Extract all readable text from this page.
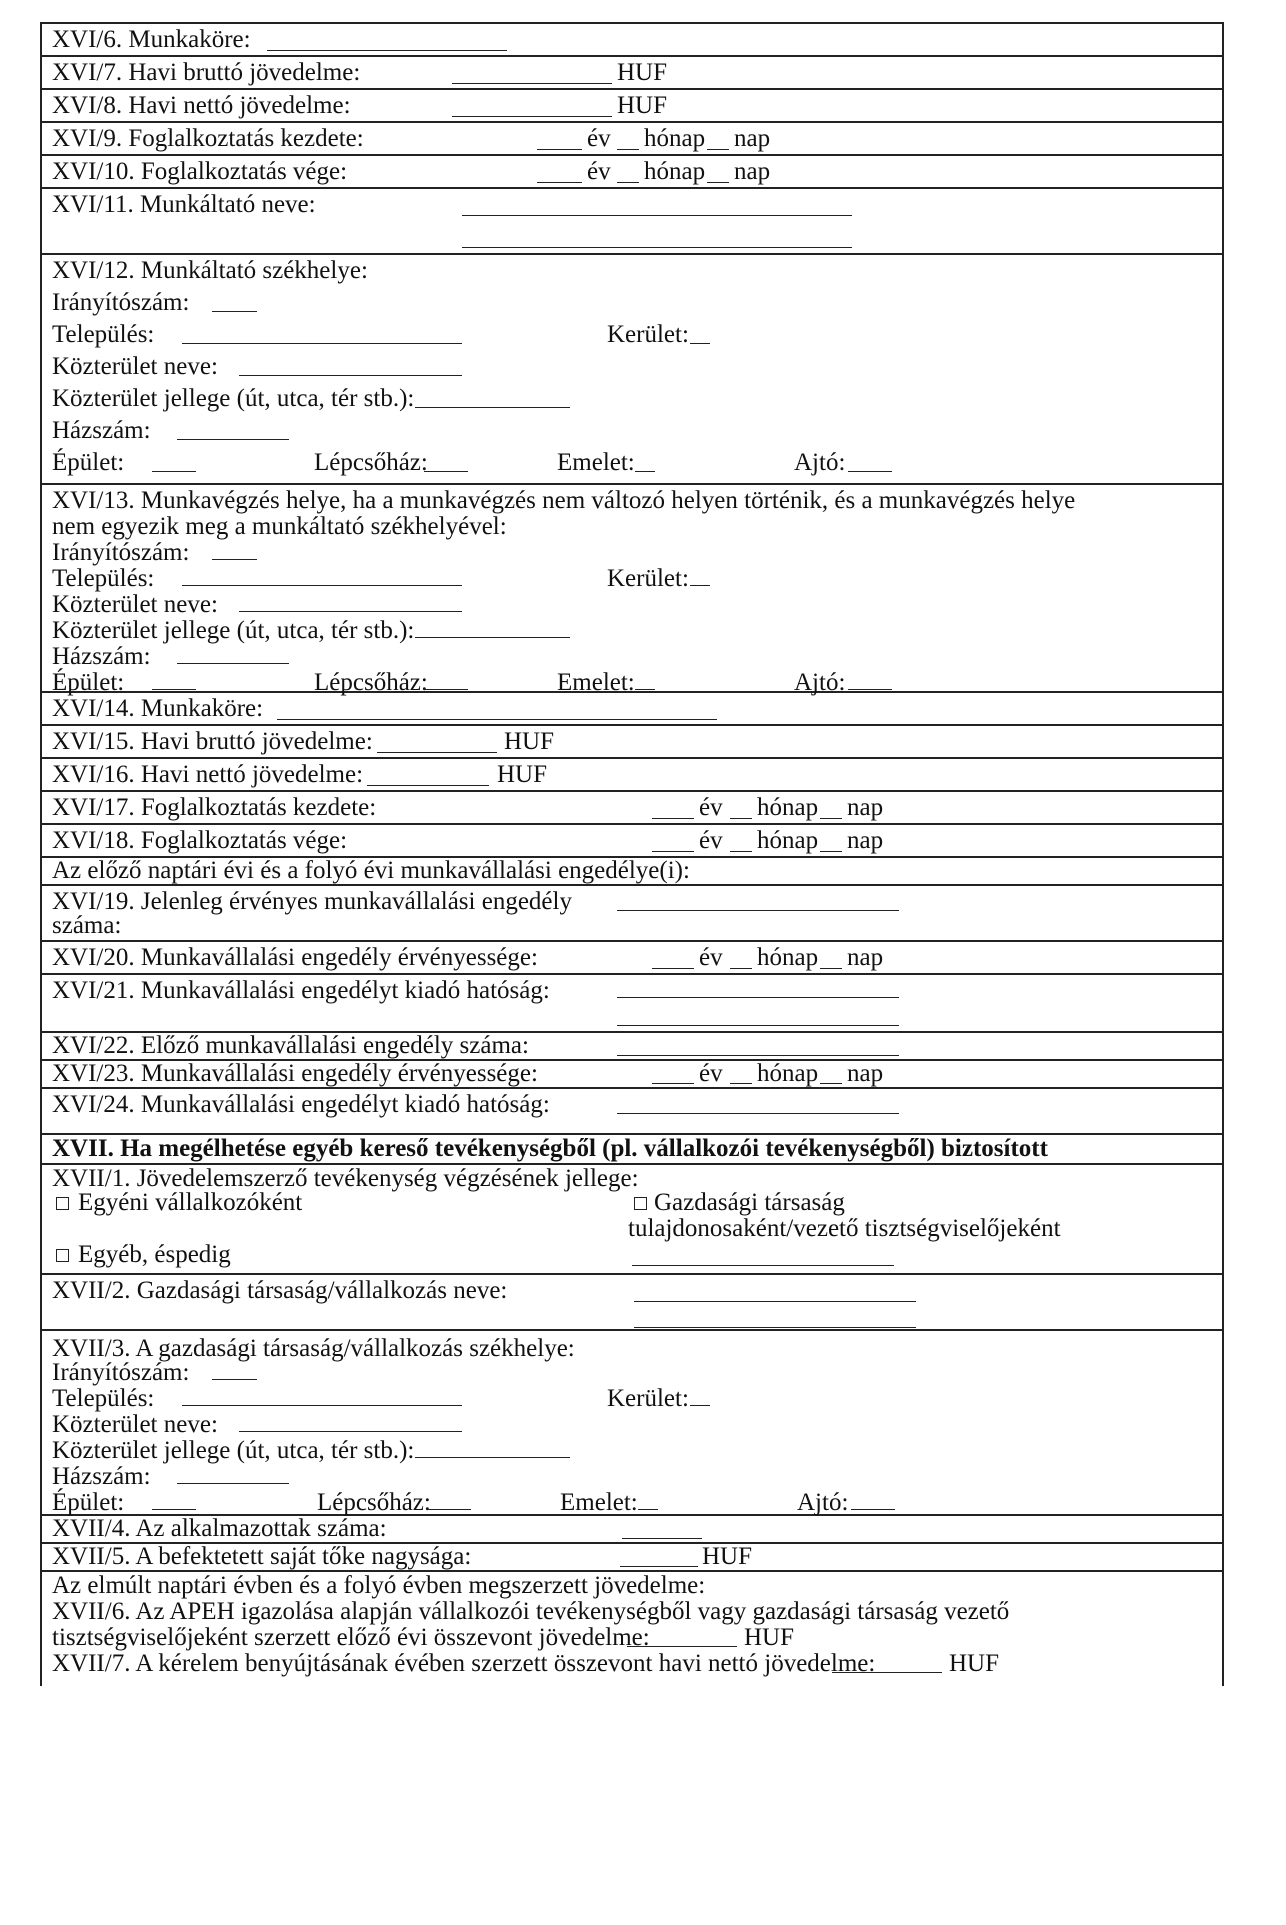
XVI/6. Munkaköre:
XVI/7. Havi bruttó jövedelme:	HUF
XVI/8. Havi nettó jövedelme:	HUF
XVI/9. Foglalkoztatás kezdete:	év hónap nap
XVI/10. Foglalkoztatás vége:	év hónap nap
XVI/11. Munkáltató neve:
XVI/12. Munkáltató székhelye:
Irányítószám:
Település:	Kerület:
Közterület neve:
Közterület jellege (út, utca, tér stb.):
Házszám:
Épület:	Lépcsőház:	Emelet:	Ajtó:
XVI/13. Munkavégzés helye, ha a munkavégzés nem változó helyen történik, és a munkavégzés helye
nem egyezik meg a munkáltató székhelyével:
Irányítószám:
Település:	Kerület:
Közterület neve:
Közterület jellege (út, utca, tér stb.):
Házszám:
Épület:	Lépcsőház:	Emelet:	Ajtó:
XVI/14. Munkaköre:
XVI/15. Havi bruttó jövedelme:	HUF
XVI/16. Havi nettó jövedelme:	HUF
XVI/17. Foglalkoztatás kezdete:	év hónap nap
XVI/18. Foglalkoztatás vége:	év hónap nap
Az előző naptári évi és a folyó évi munkavállalási engedélye(i):
XVI/19. Jelenleg érvényes munkavállalási engedély
száma:
XVI/20. Munkavállalási engedély érvényessége:	év hónap nap
XVI/21. Munkavállalási engedélyt kiadó hatóság:
XVI/22. Előző munkavállalási engedély száma:
XVI/23. Munkavállalási engedély érvényessége:	év hónap nap
XVI/24. Munkavállalási engedélyt kiadó hatóság:
XVII. Ha megélhetése egyéb kereső tevékenységből (pl. vállalkozói tevékenységből) biztosított
XVII/1. Jövedelemszerző tevékenység végzésének jellege:
Egyéni vállalkozóként	Gazdasági társaság
tulajdonosaként/vezető tisztségviselőjeként
Egyéb, éspedig
XVII/2. Gazdasági társaság/vállalkozás neve:
XVII/3. A gazdasági társaság/vállalkozás székhelye:
Irányítószám:
Település:	Kerület:
Közterület neve:
Közterület jellege (út, utca, tér stb.):
Házszám:
Épület:	Lépcsőház:	Emelet:	Ajtó:
XVII/4. Az alkalmazottak száma:
XVII/5. A befektetett saját tőke nagysága:	HUF
Az elmúlt naptári évben és a folyó évben megszerzett jövedelme:
XVII/6. Az APEH igazolása alapján vállalkozói tevékenységből vagy gazdasági társaság vezető
tisztségviselőjeként szerzett előző évi összevont jövedelme:	HUF
XVII/7. A kérelem benyújtásának évében szerzett összevont havi nettó jövedelme:	HUF
